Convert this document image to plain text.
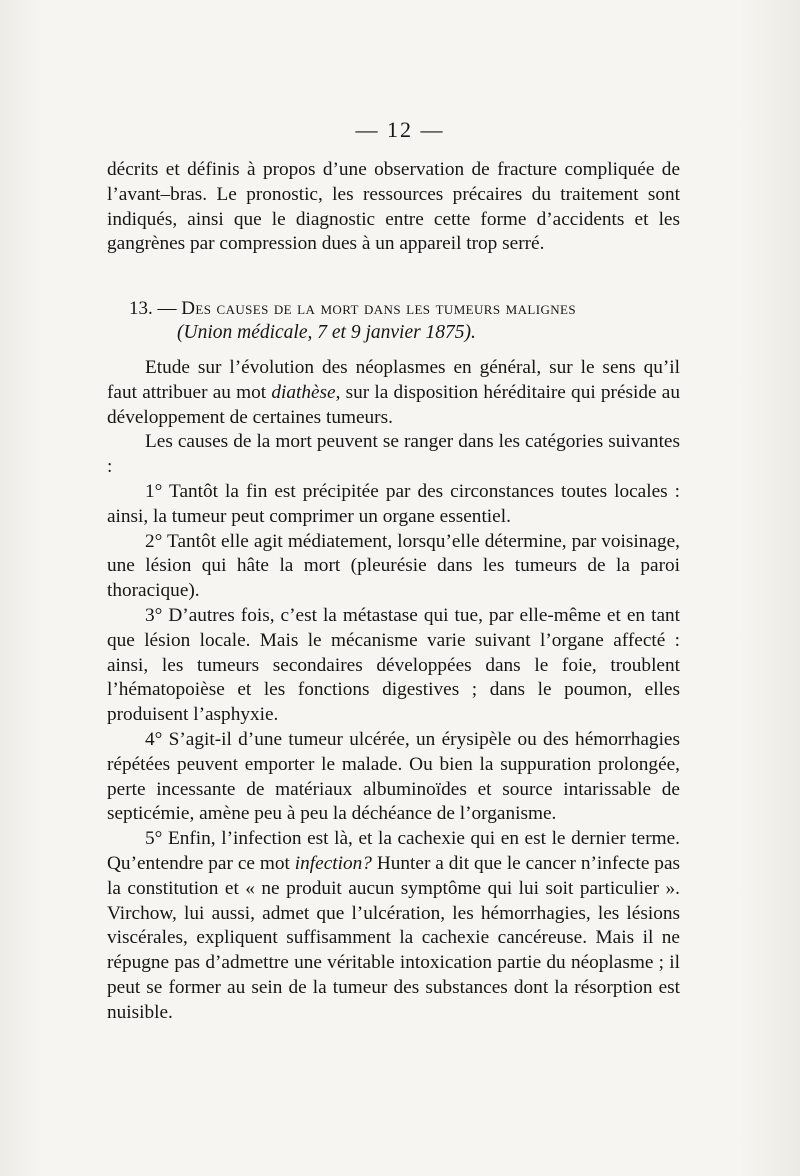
— 12 —

décrits et définis à propos d’une observation de fracture compliquée de l’avant–bras. Le pronostic, les ressources précaires du traitement sont indiqués, ainsi que le diagnostic entre cette forme d’accidents et les gangrènes par compression dues à un appareil trop serré.

13. — Des causes de la mort dans les tumeurs malignes

(Union médicale, 7 et 9 janvier 1875).

Etude sur l’évolution des néoplasmes en général, sur le sens qu’il faut attribuer au mot diathèse, sur la disposition héréditaire qui préside au développement de certaines tumeurs.

Les causes de la mort peuvent se ranger dans les catégories suivantes :

1° Tantôt la fin est précipitée par des circonstances toutes locales : ainsi, la tumeur peut comprimer un organe essentiel.

2° Tantôt elle agit médiatement, lorsqu’elle détermine, par voisinage, une lésion qui hâte la mort (pleurésie dans les tumeurs de la paroi thoracique).

3° D’autres fois, c’est la métastase qui tue, par elle-même et en tant que lésion locale. Mais le mécanisme varie suivant l’organe affecté : ainsi, les tumeurs secondaires développées dans le foie, troublent l’hématopoièse et les fonctions digestives ; dans le poumon, elles produisent l’asphyxie.

4° S’agit-il d’une tumeur ulcérée, un érysipèle ou des hémorrhagies répétées peuvent emporter le malade. Ou bien la suppuration prolongée, perte incessante de matériaux albuminoïdes et source intarissable de septicémie, amène peu à peu la déchéance de l’organisme.

5° Enfin, l’infection est là, et la cachexie qui en est le dernier terme. Qu’entendre par ce mot infection? Hunter a dit que le cancer n’infecte pas la constitution et « ne produit aucun symptôme qui lui soit particulier ». Virchow, lui aussi, admet que l’ulcération, les hémorrhagies, les lésions viscérales, expliquent suffisamment la cachexie cancéreuse. Mais il ne répugne pas d’admettre une véritable intoxication partie du néoplasme ; il peut se former au sein de la tumeur des substances dont la résorption est nuisible.
